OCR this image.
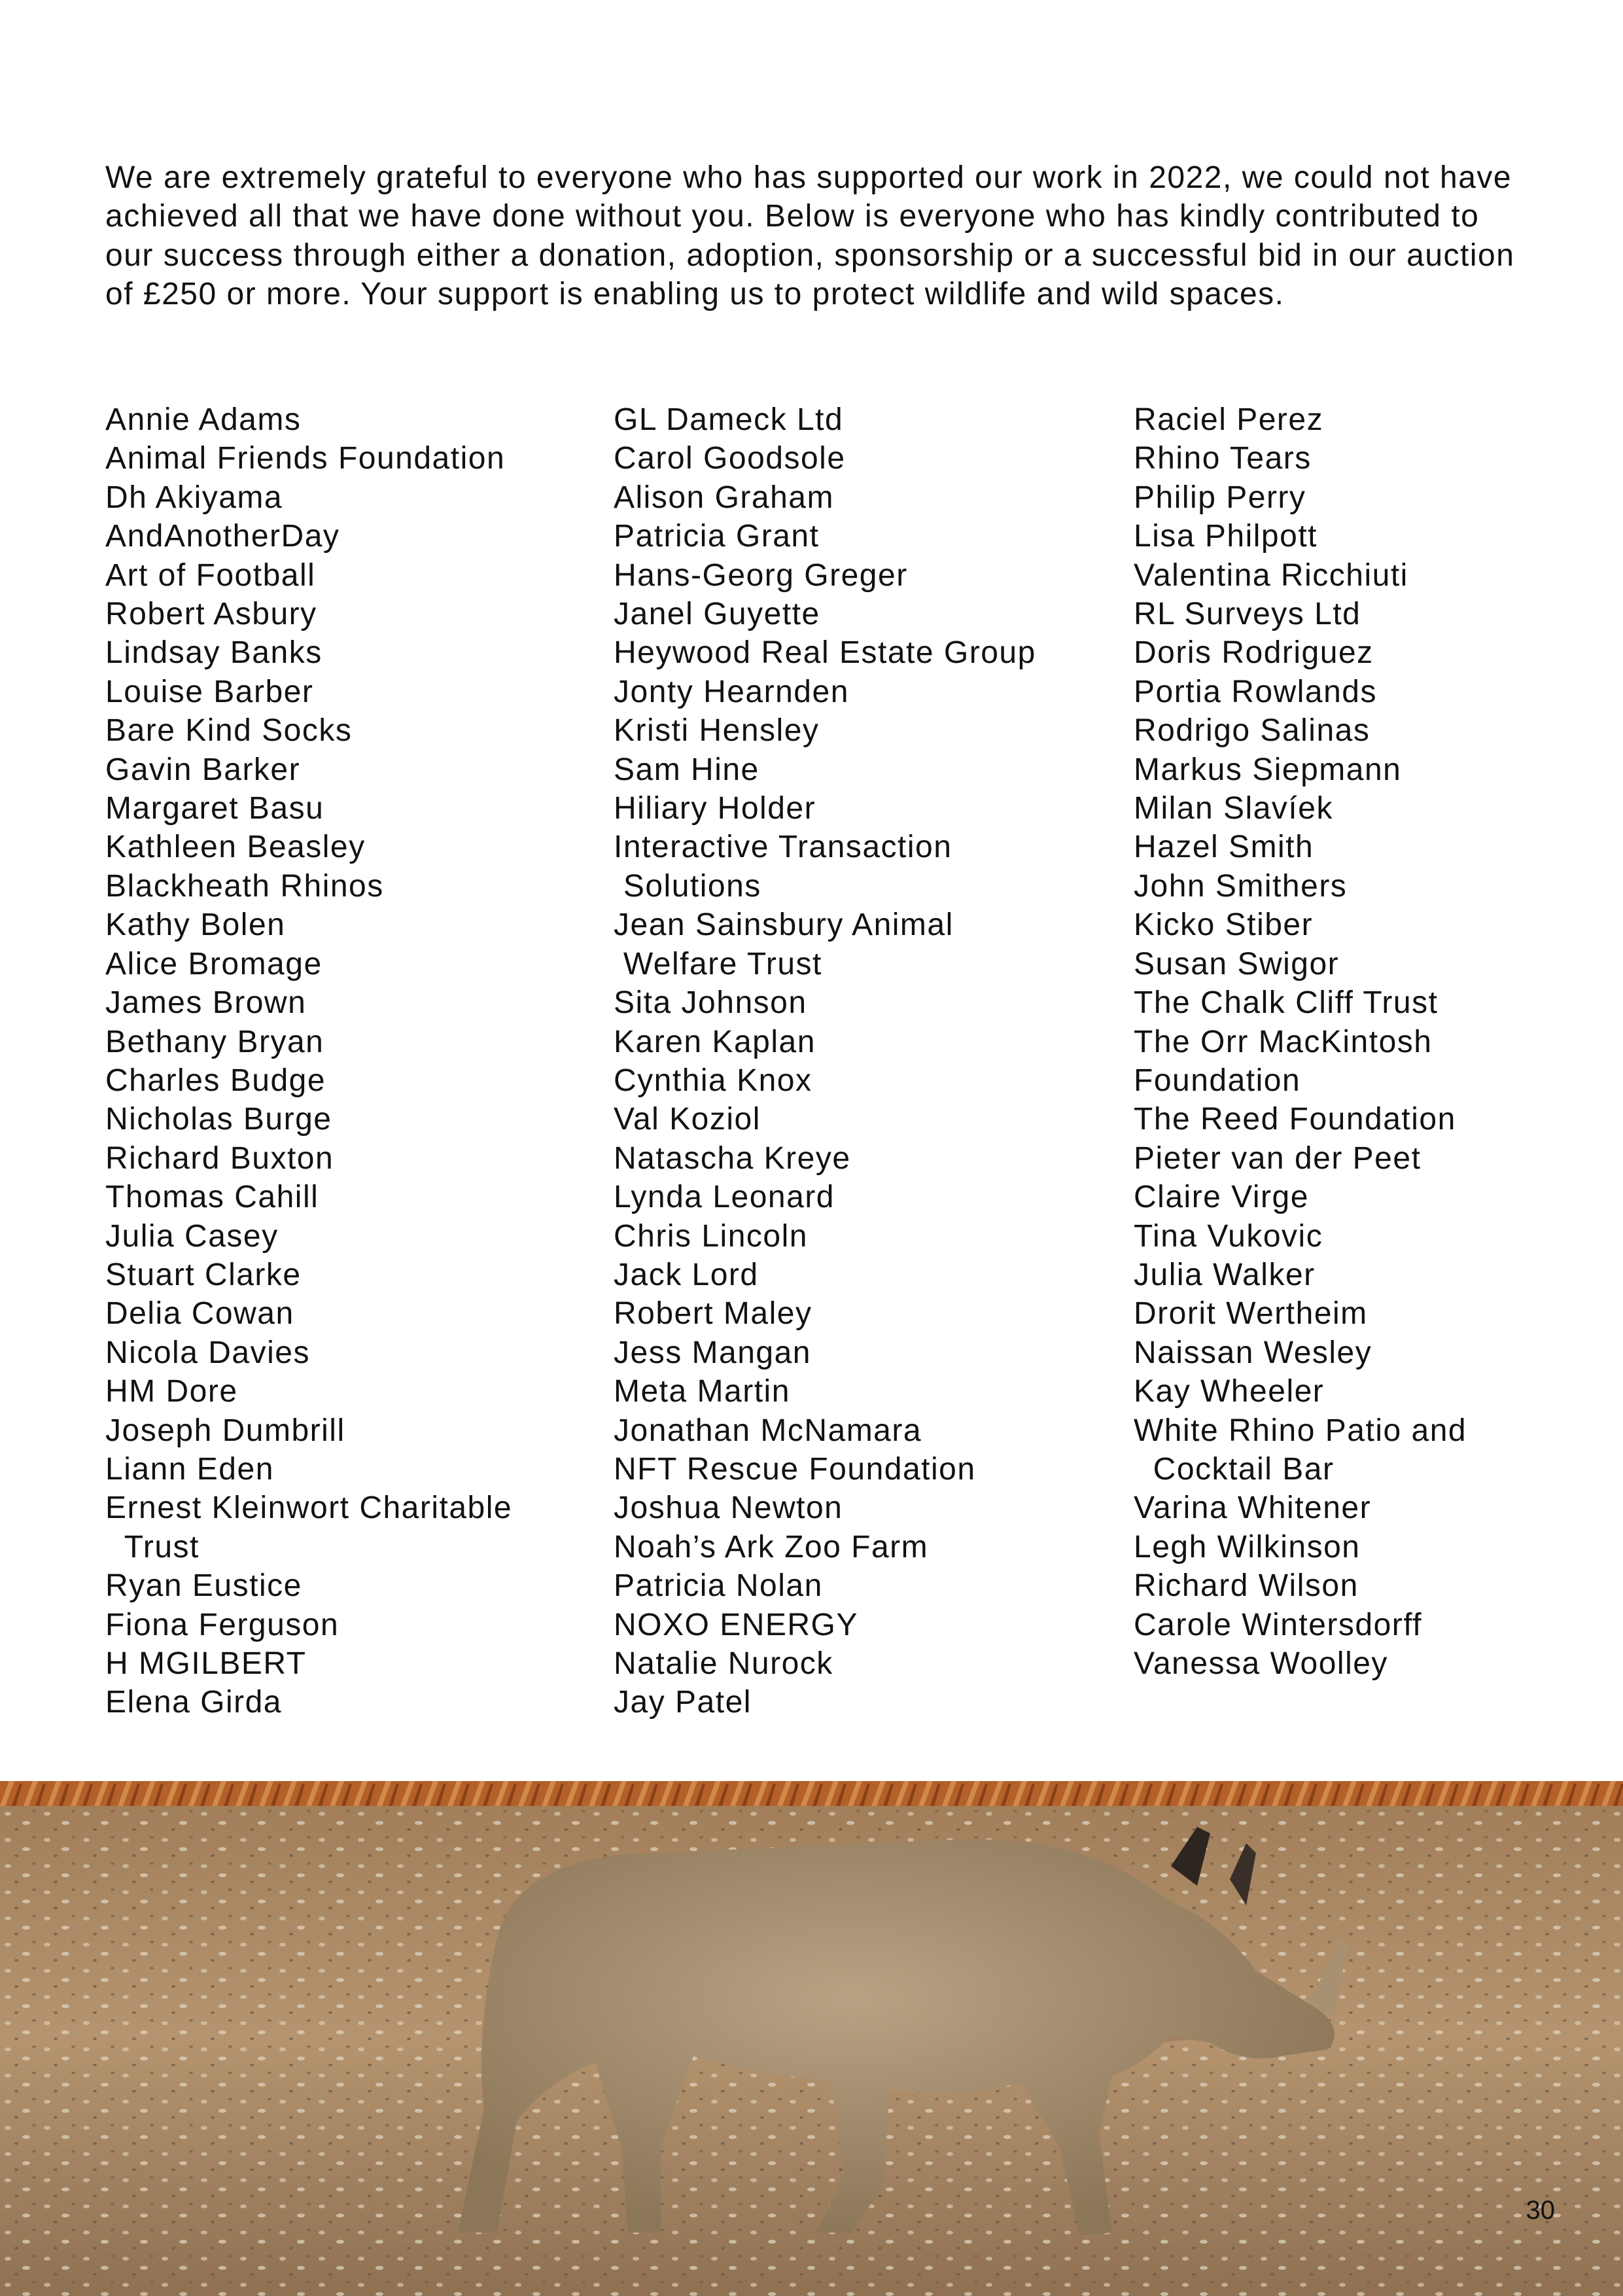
We are extremely grateful to everyone who has supported our work in 2022, we could not have achieved all that we have done without you. Below is everyone who has kindly contributed to our success through either a donation, adoption, sponsorship or a successful bid in our auction of £250 or more. Your support is enabling us to protect wildlife and wild spaces.

Annie Adams
Animal Friends Foundation
Dh Akiyama
AndAnotherDay
Art of Football
Robert Asbury
Lindsay Banks
Louise Barber
Bare Kind Socks
Gavin Barker
Margaret Basu
Kathleen Beasley
Blackheath Rhinos
Kathy Bolen
Alice Bromage
James Brown
Bethany Bryan
Charles Budge
Nicholas Burge
Richard Buxton
Thomas Cahill
Julia Casey
Stuart Clarke
Delia Cowan
Nicola Davies
HM Dore
Joseph Dumbrill
Liann Eden
Ernest Kleinwort Charitable
Trust
Ryan Eustice
Fiona Ferguson
H MGILBERT
Elena Girda
GL Dameck Ltd
Carol Goodsole
Alison Graham
Patricia Grant
Hans-Georg Greger
Janel Guyette
Heywood Real Estate Group
Jonty Hearnden
Kristi Hensley
Sam Hine
Hiliary Holder
Interactive Transaction
Solutions
Jean Sainsbury Animal
Welfare Trust
Sita Johnson
Karen Kaplan
Cynthia Knox
Val Koziol
Natascha Kreye
Lynda Leonard
Chris Lincoln
Jack Lord
Robert Maley
Jess Mangan
Meta Martin
Jonathan McNamara
NFT Rescue Foundation
Joshua Newton
Noah’s Ark Zoo Farm
Patricia Nolan
NOXO ENERGY
Natalie Nurock
Jay Patel
Raciel Perez
Rhino Tears
Philip Perry
Lisa Philpott
Valentina Ricchiuti
RL Surveys Ltd
Doris Rodriguez
Portia Rowlands
Rodrigo Salinas
Markus Siepmann
Milan Slavíek
Hazel Smith
John Smithers
Kicko Stiber
Susan Swigor
The Chalk Cliff Trust
The Orr MacKintosh
Foundation
The Reed Foundation
Pieter van der Peet
Claire Virge
Tina Vukovic
Julia Walker
Drorit Wertheim
Naissan Wesley
Kay Wheeler
White Rhino Patio and
Cocktail Bar
Varina Whitener
Legh Wilkinson
Richard Wilson
Carole Wintersdorff
Vanessa Woolley
30
